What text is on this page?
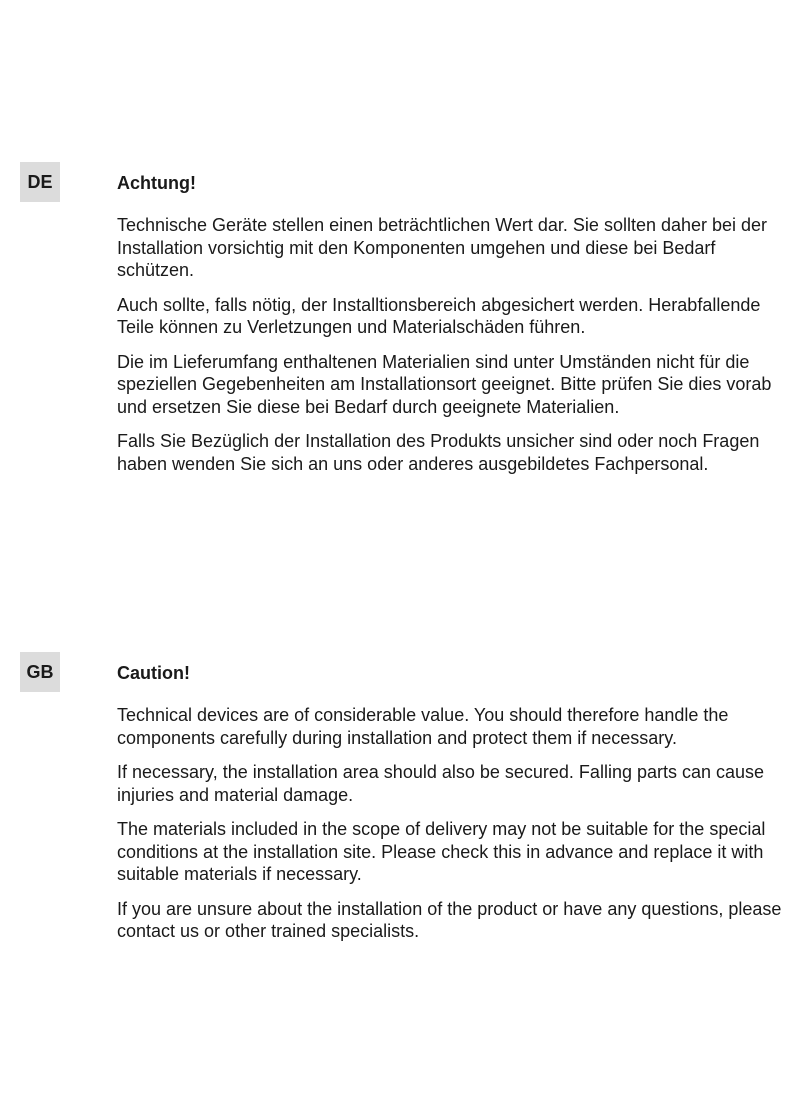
DE	Achtung!

Technische Geräte stellen einen beträchtlichen Wert dar. Sie sollten daher bei der Installation vorsichtig mit den Komponenten umgehen und diese bei Bedarf schützen.

Auch sollte, falls nötig, der Installtionsbereich abgesichert werden. Herabfallende Teile können zu Verletzungen und Materialschäden führen.

Die im Lieferumfang enthaltenen Materialien sind unter Umständen nicht für die speziellen Gegebenheiten am Installationsort geeignet. Bitte prüfen Sie dies vorab und ersetzen Sie diese bei Bedarf durch geeignete Materialien.

Falls Sie Bezüglich der Installation des Produkts unsicher sind oder noch Fragen haben wenden Sie sich an uns oder anderes ausgebildetes Fachpersonal.

GB	Caution!

Technical devices are of considerable value. You should therefore handle the components carefully during installation and protect them if necessary.

If necessary, the installation area should also be secured. Falling parts can cause injuries and material damage.

The materials included in the scope of delivery may not be suitable for the special conditions at the installation site. Please check this in advance and replace it with suitable materials if necessary.

If you are unsure about the installation of the product or have any questions, please contact us or other trained specialists.
